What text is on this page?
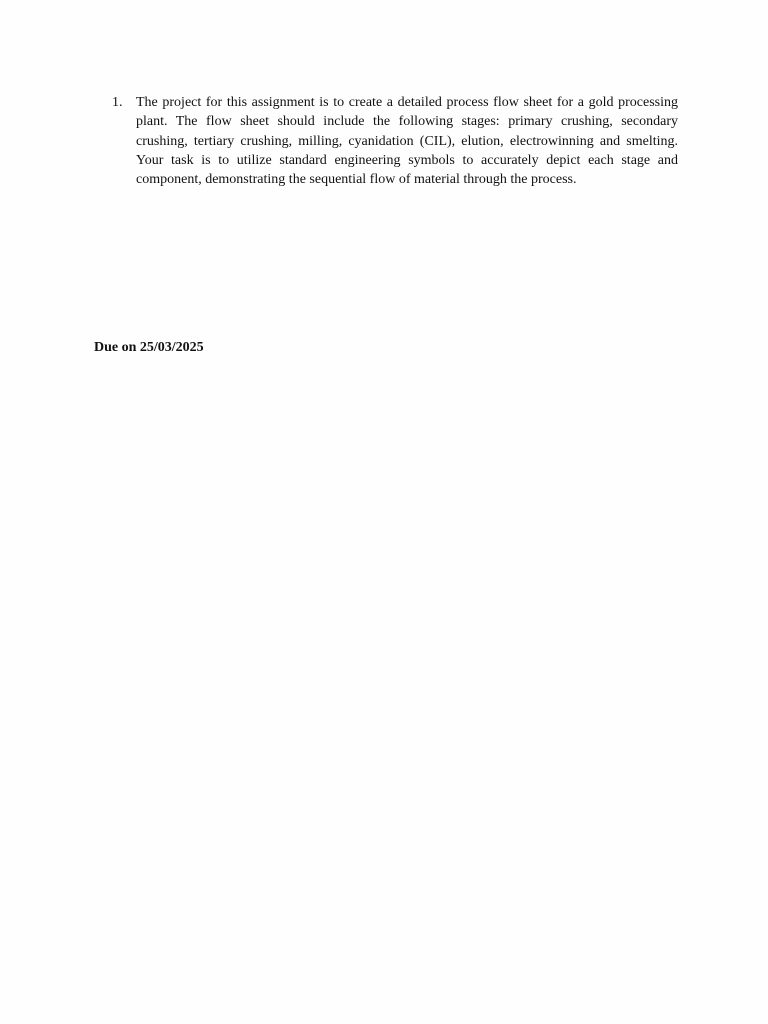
1. The project for this assignment is to create a detailed process flow sheet for a gold processing plant. The flow sheet should include the following stages: primary crushing, secondary crushing, tertiary crushing, milling, cyanidation (CIL), elution, electrowinning and smelting. Your task is to utilize standard engineering symbols to accurately depict each stage and component, demonstrating the sequential flow of material through the process.

Due on 25/03/2025
